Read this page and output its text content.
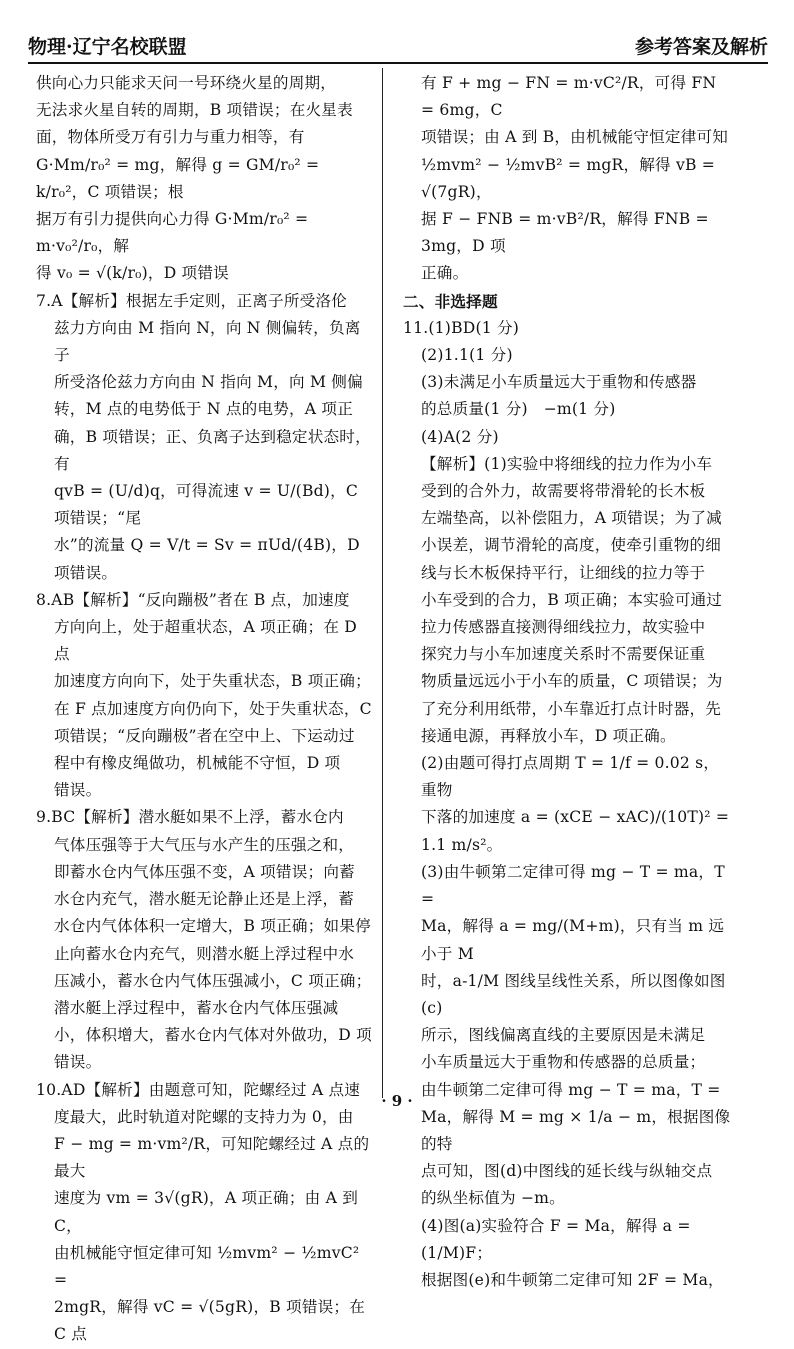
物理·辽宁名校联盟	参考答案及解析

供向心力只能求天问一号环绕火星的周期，

无法求火星自转的周期，B 项错误；在火星表

面，物体所受万有引力与重力相等，有

G·Mm/r₀² = mg，解得 g = GM/r₀² = k/r₀²，C 项错误；根

据万有引力提供向心力得 G·Mm/r₀² = m·v₀²/r₀，解

得 v₀ = √(k/r₀)，D 项错误

7.A【解析】根据左手定则，正离子所受洛伦

兹力方向由 M 指向 N，向 N 侧偏转，负离子

所受洛伦兹力方向由 N 指向 M，向 M 侧偏

转，M 点的电势低于 N 点的电势，A 项正

确，B 项错误；正、负离子达到稳定状态时，有

qvB = (U/d)q，可得流速 v = U/(Bd)，C 项错误；“尾

水”的流量 Q = V/t = Sv = πUd/(4B)，D 项错误。

8.AB【解析】“反向蹦极”者在 B 点，加速度

方向向上，处于超重状态，A 项正确；在 D 点

加速度方向向下，处于失重状态，B 项正确；

在 F 点加速度方向仍向下，处于失重状态，C

项错误；“反向蹦极”者在空中上、下运动过

程中有橡皮绳做功，机械能不守恒，D 项

错误。

9.BC【解析】潜水艇如果不上浮，蓄水仓内

气体压强等于大气压与水产生的压强之和，

即蓄水仓内气体压强不变，A 项错误；向蓄

水仓内充气，潜水艇无论静止还是上浮，蓄

水仓内气体体积一定增大，B 项正确；如果停

止向蓄水仓内充气，则潜水艇上浮过程中水

压减小，蓄水仓内气体压强减小，C 项正确；

潜水艇上浮过程中，蓄水仓内气体压强减

小，体积增大，蓄水仓内气体对外做功，D 项

错误。

10.AD【解析】由题意可知，陀螺经过 A 点速

度最大，此时轨道对陀螺的支持力为 0，由

F − mg = m·vm²/R，可知陀螺经过 A 点的最大

速度为 vm = 3√(gR)，A 项正确；由 A 到 C，

由机械能守恒定律可知 ½mvm² − ½mvC² =

2mgR，解得 vC = √(5gR)，B 项错误；在 C 点

有 F + mg − FN = m·vC²/R，可得 FN = 6mg，C

项错误；由 A 到 B，由机械能守恒定律可知

½mvm² − ½mvB² = mgR，解得 vB = √(7gR)，

据 F − FNB = m·vB²/R，解得 FNB = 3mg，D 项

正确。

二、非选择题

11.(1)BD(1 分)

(2)1.1(1 分)

(3)未满足小车质量远大于重物和传感器

的总质量(1 分)　−m(1 分)

(4)A(2 分)

【解析】(1)实验中将细线的拉力作为小车

受到的合外力，故需要将带滑轮的长木板

左端垫高，以补偿阻力，A 项错误；为了减

小误差，调节滑轮的高度，使牵引重物的细

线与长木板保持平行，让细线的拉力等于

小车受到的合力，B 项正确；本实验可通过

拉力传感器直接测得细线拉力，故实验中

探究力与小车加速度关系时不需要保证重

物质量远远小于小车的质量，C 项错误；为

了充分利用纸带，小车靠近打点计时器，先

接通电源，再释放小车，D 项正确。

(2)由题可得打点周期 T = 1/f = 0.02 s，重物

下落的加速度 a = (xCE − xAC)/(10T)² = 1.1 m/s²。

(3)由牛顿第二定律可得 mg − T = ma，T =

Ma，解得 a = mg/(M+m)，只有当 m 远小于 M

时，a-1/M 图线呈线性关系，所以图像如图(c)

所示，图线偏离直线的主要原因是未满足

小车质量远大于重物和传感器的总质量；

由牛顿第二定律可得 mg − T = ma，T =

Ma，解得 M = mg × 1/a − m，根据图像的特

点可知，图(d)中图线的延长线与纵轴交点

的纵坐标值为 −m。

(4)图(a)实验符合 F = Ma，解得 a = (1/M)F；

根据图(e)和牛顿第二定律可知 2F = Ma，

· 9 ·
